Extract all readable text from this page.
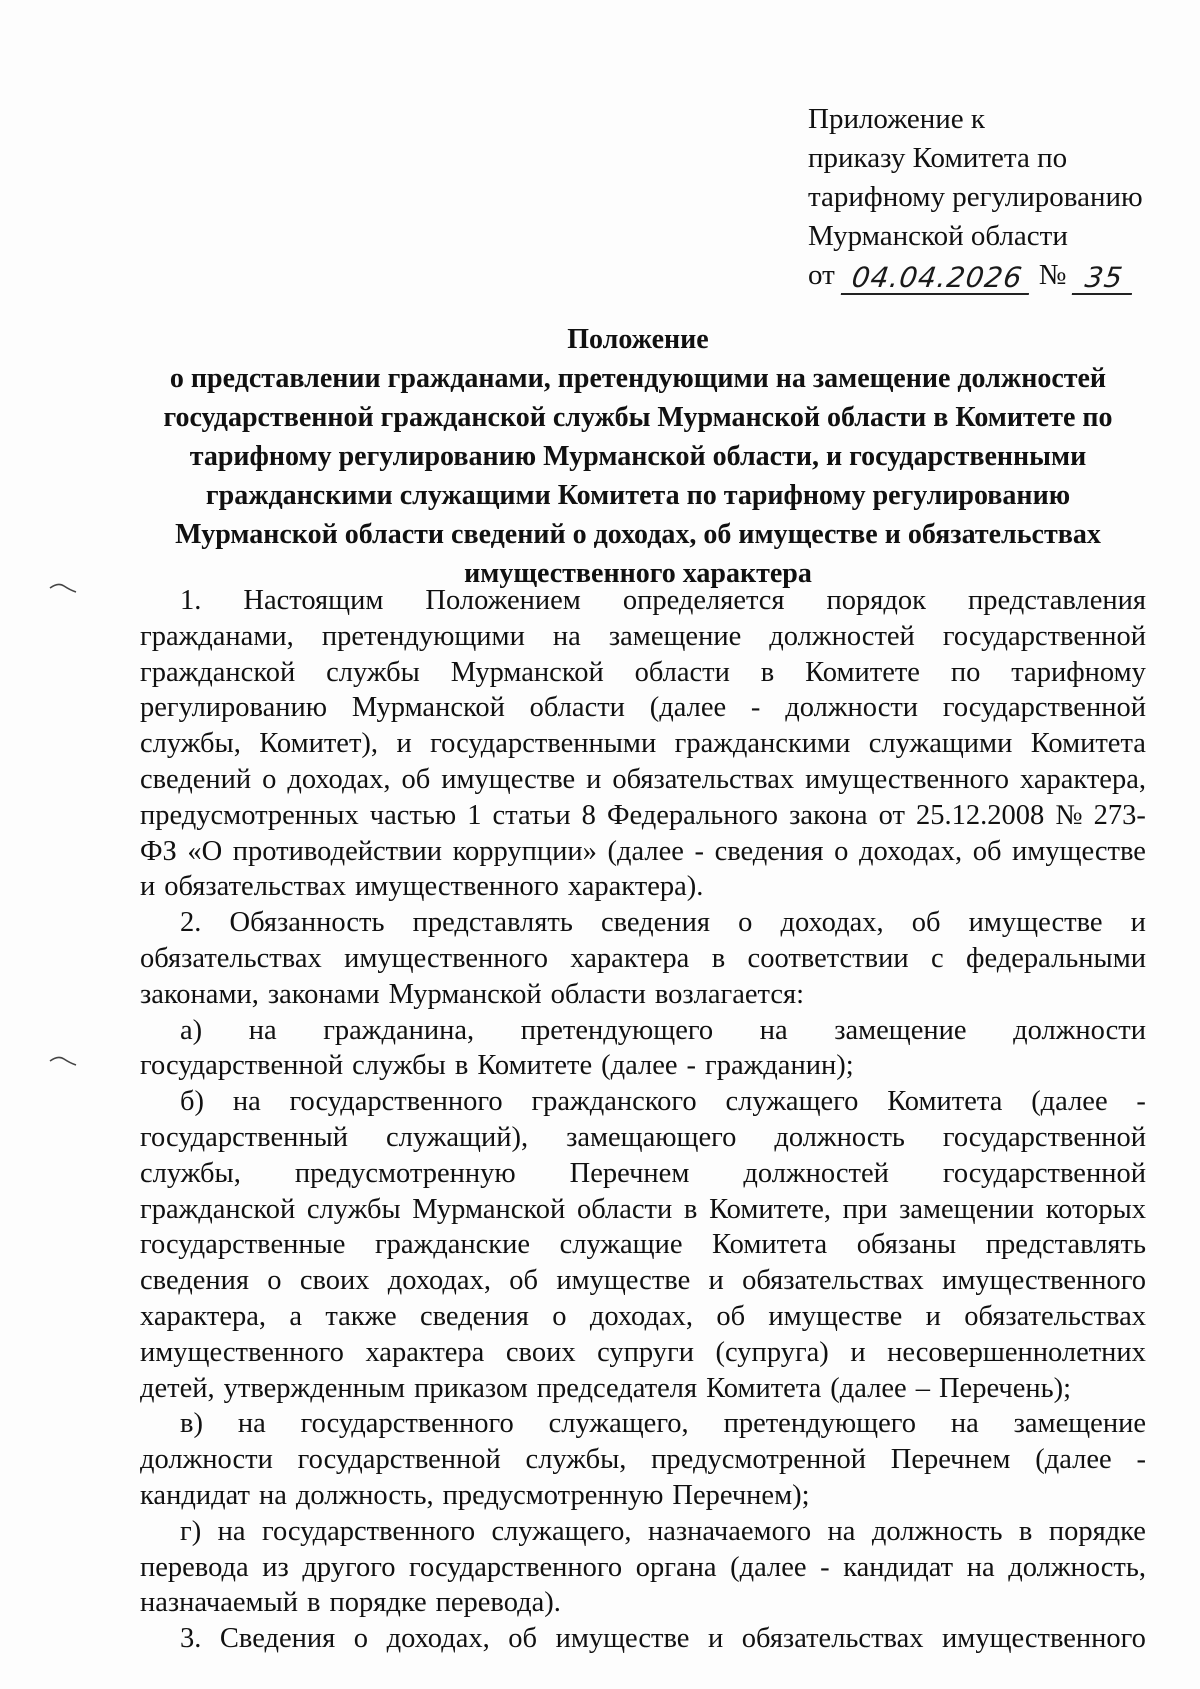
Приложение к
приказу Комитета по
тарифному регулированию
Мурманской области
от 04.04.2026 № 35
Положение
о представлении гражданами, претендующими на замещение должностей
государственной гражданской службы Мурманской области в Комитете по
тарифному регулированию Мурманской области, и государственными
гражданскими служащими Комитета по тарифному регулированию
Мурманской области сведений о доходах, об имуществе и обязательствах
имущественного характера
1. Настоящим Положением определяется порядок представления
гражданами, претендующими на замещение должностей государственной
гражданской службы Мурманской области в Комитете по тарифному
регулированию Мурманской области (далее - должности государственной
службы, Комитет), и государственными гражданскими служащими Комитета
сведений о доходах, об имуществе и обязательствах имущественного характера,
предусмотренных частью 1 статьи 8 Федерального закона от 25.12.2008 № 273-
ФЗ «О противодействии коррупции» (далее - сведения о доходах, об имуществе
и обязательствах имущественного характера).
2. Обязанность представлять сведения о доходах, об имуществе и
обязательствах имущественного характера в соответствии с федеральными
законами, законами Мурманской области возлагается:
а) на гражданина, претендующего на замещение должности
государственной службы в Комитете (далее - гражданин);
б) на государственного гражданского служащего Комитета (далее -
государственный служащий), замещающего должность государственной
службы, предусмотренную Перечнем должностей государственной
гражданской службы Мурманской области в Комитете, при замещении которых
государственные гражданские служащие Комитета обязаны представлять
сведения о своих доходах, об имуществе и обязательствах имущественного
характера, а также сведения о доходах, об имуществе и обязательствах
имущественного характера своих супруги (супруга) и несовершеннолетних
детей, утвержденным приказом председателя Комитета (далее – Перечень);
в) на государственного служащего, претендующего на замещение
должности государственной службы, предусмотренной Перечнем (далее -
кандидат на должность, предусмотренную Перечнем);
г) на государственного служащего, назначаемого на должность в порядке
перевода из другого государственного органа (далее - кандидат на должность,
назначаемый в порядке перевода).
3. Сведения о доходах, об имуществе и обязательствах имущественного
